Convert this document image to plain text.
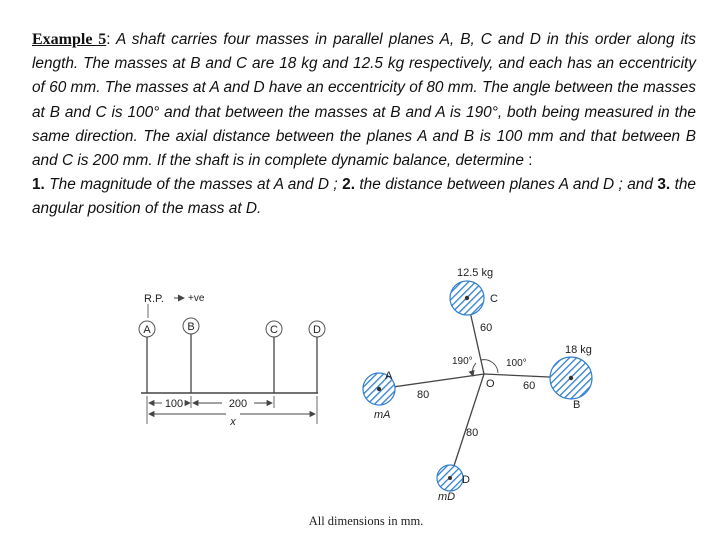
Example 5: A shaft carries four masses in parallel planes A, B, C and D in this order along its length. The masses at B and C are 18 kg and 12.5 kg respectively, and each has an eccentricity of 60 mm. The masses at A and D have an eccentricity of 80 mm. The angle between the masses at B and C is 100° and that between the masses at B and A is 190°, both being measured in the same direction. The axial distance between the planes A and B is 100 mm and that between B and C is 200 mm. If the shaft is in complete dynamic balance, determine :
1. The magnitude of the masses at A and D ; 2. the distance between planes A and D ; and 3. the angular position of the mass at D.

R.P. +ve
A	B	C	D
100	200
x
12.5 kg
C
60
18 kg
B
60
A
mA
80
D
mD
80
O
190°	100°
All dimensions in mm.
